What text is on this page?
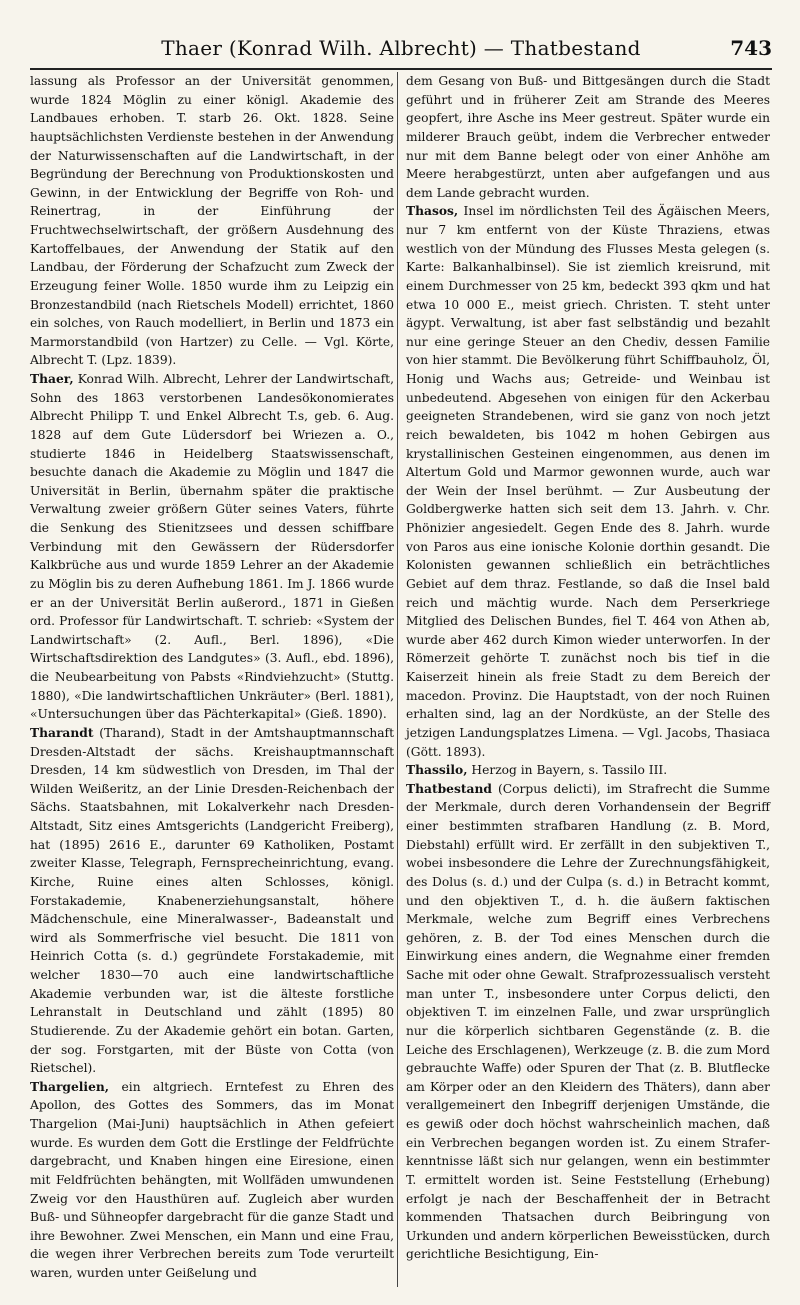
Thaer (Konrad Wilh. Albrecht) — Thatbestand	743

lassung als Professor an der Universität genommen, wurde 1824 Möglin zu einer königl. Akademie des Landbaues erhoben. T. starb 26. Okt. 1828. Seine hauptsächlichsten Verdienste bestehen in der Anwendung der Naturwissenschaften auf die Landwirtschaft, in der Begründung der Berechnung von Produktionskosten und Gewinn, in der Entwicklung der Begriffe von Roh- und Reinertrag, in der Einführung der Fruchtwechselwirtschaft, der größern Ausdehnung des Kartoffelbaues, der Anwendung der Statik auf den Landbau, der Förderung der Schafzucht zum Zweck der Erzeugung feiner Wolle. 1850 wurde ihm zu Leipzig ein Bronzestandbild (nach Rietschels Modell) errichtet, 1860 ein solches, von Rauch modelliert, in Berlin und 1873 ein Marmorstandbild (von Hartzer) zu Celle. — Vgl. Körte, Albrecht T. (Lpz. 1839).

Thaer, Konrad Wilh. Albrecht, Lehrer der Landwirtschaft, Sohn des 1863 verstorbenen Landesökonomierates Albrecht Philipp T. und Enkel Albrecht T.s, geb. 6. Aug. 1828 auf dem Gute Lüdersdorf bei Wriezen a. O., studierte 1846 in Heidelberg Staatswissenschaft, besuchte danach die Akademie zu Möglin und 1847 die Universität in Berlin, übernahm später die praktische Verwaltung zweier größern Güter seines Vaters, führte die Senkung des Stienitzsees und dessen schiffbare Verbindung mit den Gewässern der Rüdersdorfer Kalkbrüche aus und wurde 1859 Lehrer an der Akademie zu Möglin bis zu deren Aufhebung 1861. Im J. 1866 wurde er an der Universität Berlin außerord., 1871 in Gießen ord. Professor für Landwirtschaft. T. schrieb: «System der Landwirtschaft» (2. Aufl., Berl. 1896), «Die Wirtschaftsdirektion des Landgutes» (3. Aufl., ebd. 1896), die Neubearbeitung von Pabsts «Rindviehzucht» (Stuttg. 1880), «Die landwirtschaftlichen Unkräuter» (Berl. 1881), «Untersuchungen über das Pächterkapital» (Gieß. 1890).

Tharandt (Tharand), Stadt in der Amtshauptmannschaft Dresden-Altstadt der sächs. Kreishauptmannschaft Dresden, 14 km südwestlich von Dresden, im Thal der Wilden Weißeritz, an der Linie Dresden-Reichenbach der Sächs. Staatsbahnen, mit Lokalverkehr nach Dresden-Altstadt, Sitz eines Amtsgerichts (Landgericht Freiberg), hat (1895) 2616 E., darunter 69 Katholiken, Postamt zweiter Klasse, Telegraph, Fernsprecheinrichtung, evang. Kirche, Ruine eines alten Schlosses, königl. Forstakademie, Knabenerziehungsanstalt, höhere Mädchenschule, eine Mineralwasser-, Badeanstalt und wird als Sommerfrische viel besucht. Die 1811 von Heinrich Cotta (s. d.) gegründete Forstakademie, mit welcher 1830—70 auch eine landwirtschaftliche Akademie verbunden war, ist die älteste forstliche Lehranstalt in Deutschland und zählt (1895) 80 Studierende. Zu der Akademie gehört ein botan. Garten, der sog. Forstgarten, mit der Büste von Cotta (von Rietschel).

Thargelien, ein altgriech. Erntefest zu Ehren des Apollon, des Gottes des Sommers, das im Monat Thargelion (Mai-Juni) hauptsächlich in Athen gefeiert wurde. Es wurden dem Gott die Erstlinge der Feldfrüchte dargebracht, und Knaben hingen eine Eiresione, einen mit Feldfrüchten behängten, mit Wollfäden umwundenen Zweig vor den Hausthüren auf. Zugleich aber wurden Buß- und Sühneopfer dargebracht für die ganze Stadt und ihre Bewohner. Zwei Menschen, ein Mann und eine Frau, die wegen ihrer Verbrechen bereits zum Tode verurteilt waren, wurden unter Geißelung und

dem Gesang von Buß- und Bittgesängen durch die Stadt geführt und in früherer Zeit am Strande des Meeres geopfert, ihre Asche ins Meer gestreut. Später wurde ein milderer Brauch geübt, indem die Verbrecher entweder nur mit dem Banne belegt oder von einer Anhöhe am Meere herabgestürzt, unten aber aufgefangen und aus dem Lande gebracht wurden.

Thasos, Insel im nördlichsten Teil des Ägäischen Meers, nur 7 km entfernt von der Küste Thraziens, etwas westlich von der Mündung des Flusses Mesta gelegen (s. Karte: Balkanhalbinsel). Sie ist ziemlich kreisrund, mit einem Durchmesser von 25 km, bedeckt 393 qkm und hat etwa 10 000 E., meist griech. Christen. T. steht unter ägypt. Verwaltung, ist aber fast selbständig und bezahlt nur eine geringe Steuer an den Chediv, dessen Familie von hier stammt. Die Bevölkerung führt Schiffbauholz, Öl, Honig und Wachs aus; Getreide- und Weinbau ist unbedeutend. Abgesehen von einigen für den Ackerbau geeigneten Strandebenen, wird sie ganz von noch jetzt reich bewaldeten, bis 1042 m hohen Gebirgen aus krystallinischen Gesteinen eingenommen, aus denen im Altertum Gold und Marmor gewonnen wurde, auch war der Wein der Insel berühmt. — Zur Ausbeutung der Goldbergwerke hatten sich seit dem 13. Jahrh. v. Chr. Phönizier angesiedelt. Gegen Ende des 8. Jahrh. wurde von Paros aus eine ionische Kolonie dorthin gesandt. Die Kolonisten gewannen schließlich ein beträchtliches Gebiet auf dem thraz. Festlande, so daß die Insel bald reich und mächtig wurde. Nach dem Perserkriege Mitglied des Delischen Bundes, fiel T. 464 von Athen ab, wurde aber 462 durch Kimon wieder unterworfen. In der Römerzeit gehörte T. zunächst noch bis tief in die Kaiserzeit hinein als freie Stadt zu dem Bereich der macedon. Provinz. Die Hauptstadt, von der noch Ruinen erhalten sind, lag an der Nordküste, an der Stelle des jetzigen Landungsplatzes Limena. — Vgl. Jacobs, Thasiaca (Gött. 1893).

Thassilo, Herzog in Bayern, s. Tassilo III.

Thatbestand (Corpus delicti), im Strafrecht die Summe der Merkmale, durch deren Vorhandensein der Begriff einer bestimmten strafbaren Handlung (z. B. Mord, Diebstahl) erfüllt wird. Er zerfällt in den subjektiven T., wobei insbesondere die Lehre der Zurechnungsfähigkeit, des Dolus (s. d.) und der Culpa (s. d.) in Betracht kommt, und den objektiven T., d. h. die äußern faktischen Merkmale, welche zum Begriff eines Verbrechens gehören, z. B. der Tod eines Menschen durch die Einwirkung eines andern, die Wegnahme einer fremden Sache mit oder ohne Gewalt. Strafprozessualisch versteht man unter T., insbesondere unter Corpus delicti, den objektiven T. im einzelnen Falle, und zwar ursprünglich nur die körperlich sichtbaren Gegenstände (z. B. die Leiche des Erschlagenen), Werkzeuge (z. B. die zum Mord gebrauchte Waffe) oder Spuren der That (z. B. Blutflecke am Körper oder an den Kleidern des Thäters), dann aber verallgemeinert den Inbegriff derjenigen Umstände, die es gewiß oder doch höchst wahrscheinlich machen, daß ein Verbrechen begangen worden ist. Zu einem Straferkenntnisse läßt sich nur gelangen, wenn ein bestimmter T. ermittelt worden ist. Seine Feststellung (Erhebung) erfolgt je nach der Beschaffenheit der in Betracht kommenden Thatsachen durch Beibringung von Urkunden und andern körperlichen Beweisstücken, durch gerichtliche Besichtigung, Ein-
